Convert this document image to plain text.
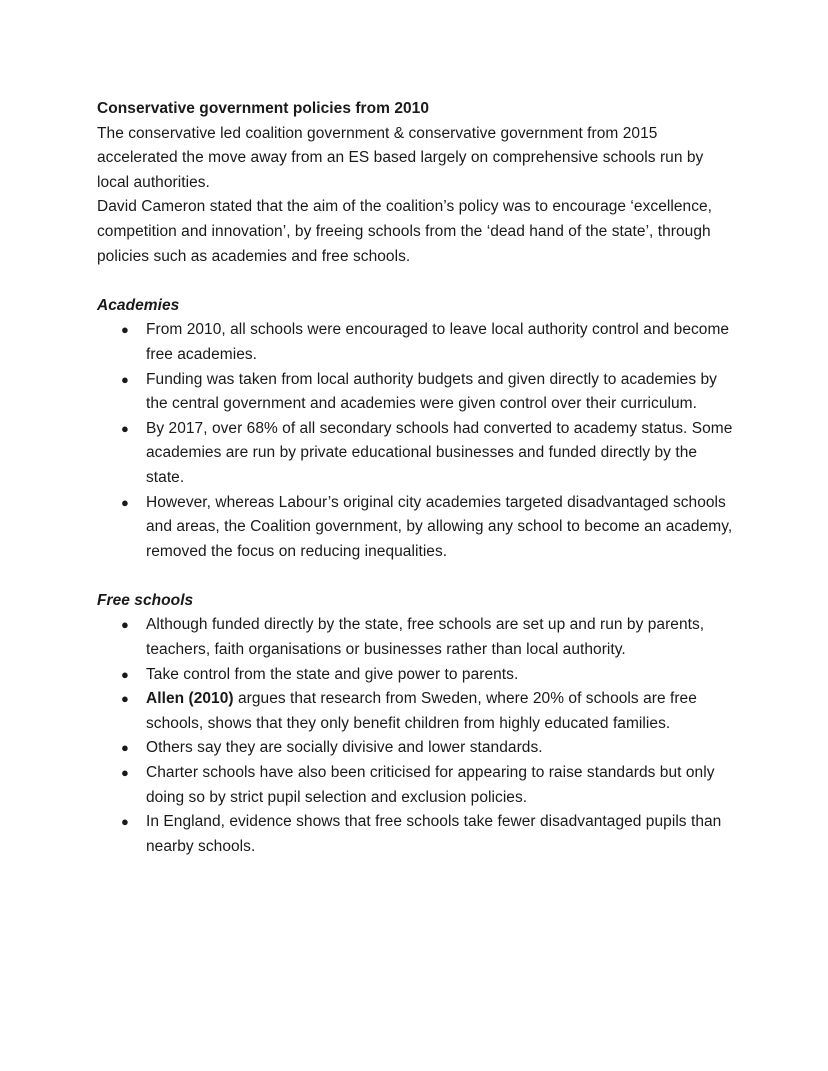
Conservative government policies from 2010

The conservative led coalition government & conservative government from 2015 accelerated the move away from an ES based largely on comprehensive schools run by local authorities.

David Cameron stated that the aim of the coalition’s policy was to encourage ‘excellence, competition and innovation’, by freeing schools from the ‘dead hand of the state’, through policies such as academies and free schools.

Academies

● From 2010, all schools were encouraged to leave local authority control and become free academies.
● Funding was taken from local authority budgets and given directly to academies by the central government and academies were given control over their curriculum.
● By 2017, over 68% of all secondary schools had converted to academy status. Some academies are run by private educational businesses and funded directly by the state.
● However, whereas Labour’s original city academies targeted disadvantaged schools and areas, the Coalition government, by allowing any school to become an academy, removed the focus on reducing inequalities.

Free schools

● Although funded directly by the state, free schools are set up and run by parents, teachers, faith organisations or businesses rather than local authority.
● Take control from the state and give power to parents.
● Allen (2010) argues that research from Sweden, where 20% of schools are free schools, shows that they only benefit children from highly educated families.
● Others say they are socially divisive and lower standards.
● Charter schools have also been criticised for appearing to raise standards but only doing so by strict pupil selection and exclusion policies.
● In England, evidence shows that free schools take fewer disadvantaged pupils than nearby schools.
